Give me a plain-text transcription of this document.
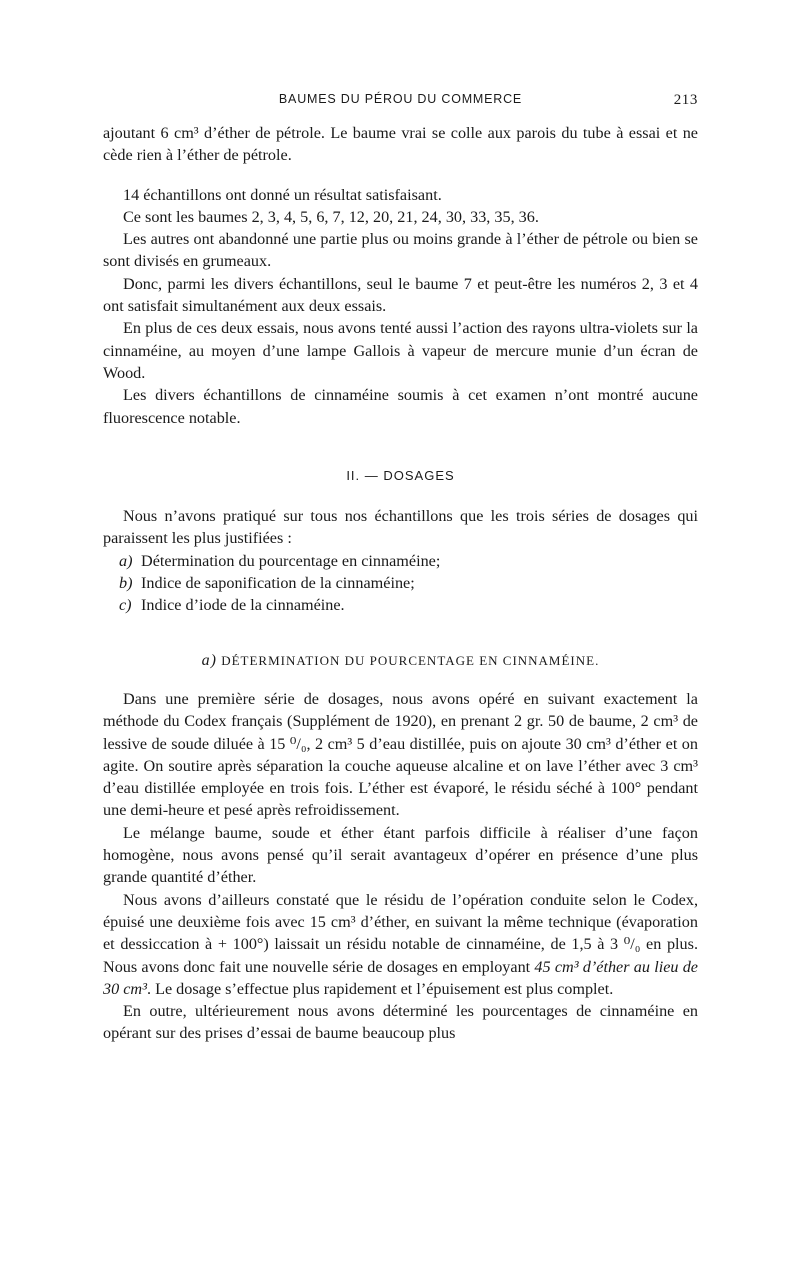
BAUMES DU PÉROU DU COMMERCE	213

ajoutant 6 cm³ d’éther de pétrole. Le baume vrai se colle aux parois du tube à essai et ne cède rien à l’éther de pétrole.

14 échantillons ont donné un résultat satisfaisant.

Ce sont les baumes 2, 3, 4, 5, 6, 7, 12, 20, 21, 24, 30, 33, 35, 36.

Les autres ont abandonné une partie plus ou moins grande à l’éther de pétrole ou bien se sont divisés en grumeaux.

Donc, parmi les divers échantillons, seul le baume 7 et peut-être les numéros 2, 3 et 4 ont satisfait simultanément aux deux essais.

En plus de ces deux essais, nous avons tenté aussi l’action des rayons ultra-violets sur la cinnaméine, au moyen d’une lampe Gallois à vapeur de mercure munie d’un écran de Wood.

Les divers échantillons de cinnaméine soumis à cet examen n’ont montré aucune fluorescence notable.

II. — DOSAGES

Nous n’avons pratiqué sur tous nos échantillons que les trois séries de dosages qui paraissent les plus justifiées :

a) Détermination du pourcentage en cinnaméine;

b) Indice de saponification de la cinnaméine;

c) Indice d’iode de la cinnaméine.

a) DÉTERMINATION DU POURCENTAGE EN CINNAMÉINE.

Dans une première série de dosages, nous avons opéré en suivant exactement la méthode du Codex français (Supplément de 1920), en prenant 2 gr. 50 de baume, 2 cm³ de lessive de soude diluée à 15 ⁰/₀, 2 cm³ 5 d’eau distillée, puis on ajoute 30 cm³ d’éther et on agite. On soutire après séparation la couche aqueuse alcaline et on lave l’éther avec 3 cm³ d’eau distillée employée en trois fois. L’éther est évaporé, le résidu séché à 100° pendant une demi-heure et pesé après refroidissement.

Le mélange baume, soude et éther étant parfois difficile à réaliser d’une façon homogène, nous avons pensé qu’il serait avantageux d’opérer en présence d’une plus grande quantité d’éther.

Nous avons d’ailleurs constaté que le résidu de l’opération conduite selon le Codex, épuisé une deuxième fois avec 15 cm³ d’éther, en suivant la même technique (évaporation et dessiccation à + 100°) laissait un résidu notable de cinnaméine, de 1,5 à 3 ⁰/₀ en plus. Nous avons donc fait une nouvelle série de dosages en employant 45 cm³ d’éther au lieu de 30 cm³. Le dosage s’effectue plus rapidement et l’épuisement est plus complet.

En outre, ultérieurement nous avons déterminé les pourcentages de cinnaméine en opérant sur des prises d’essai de baume beaucoup plus
